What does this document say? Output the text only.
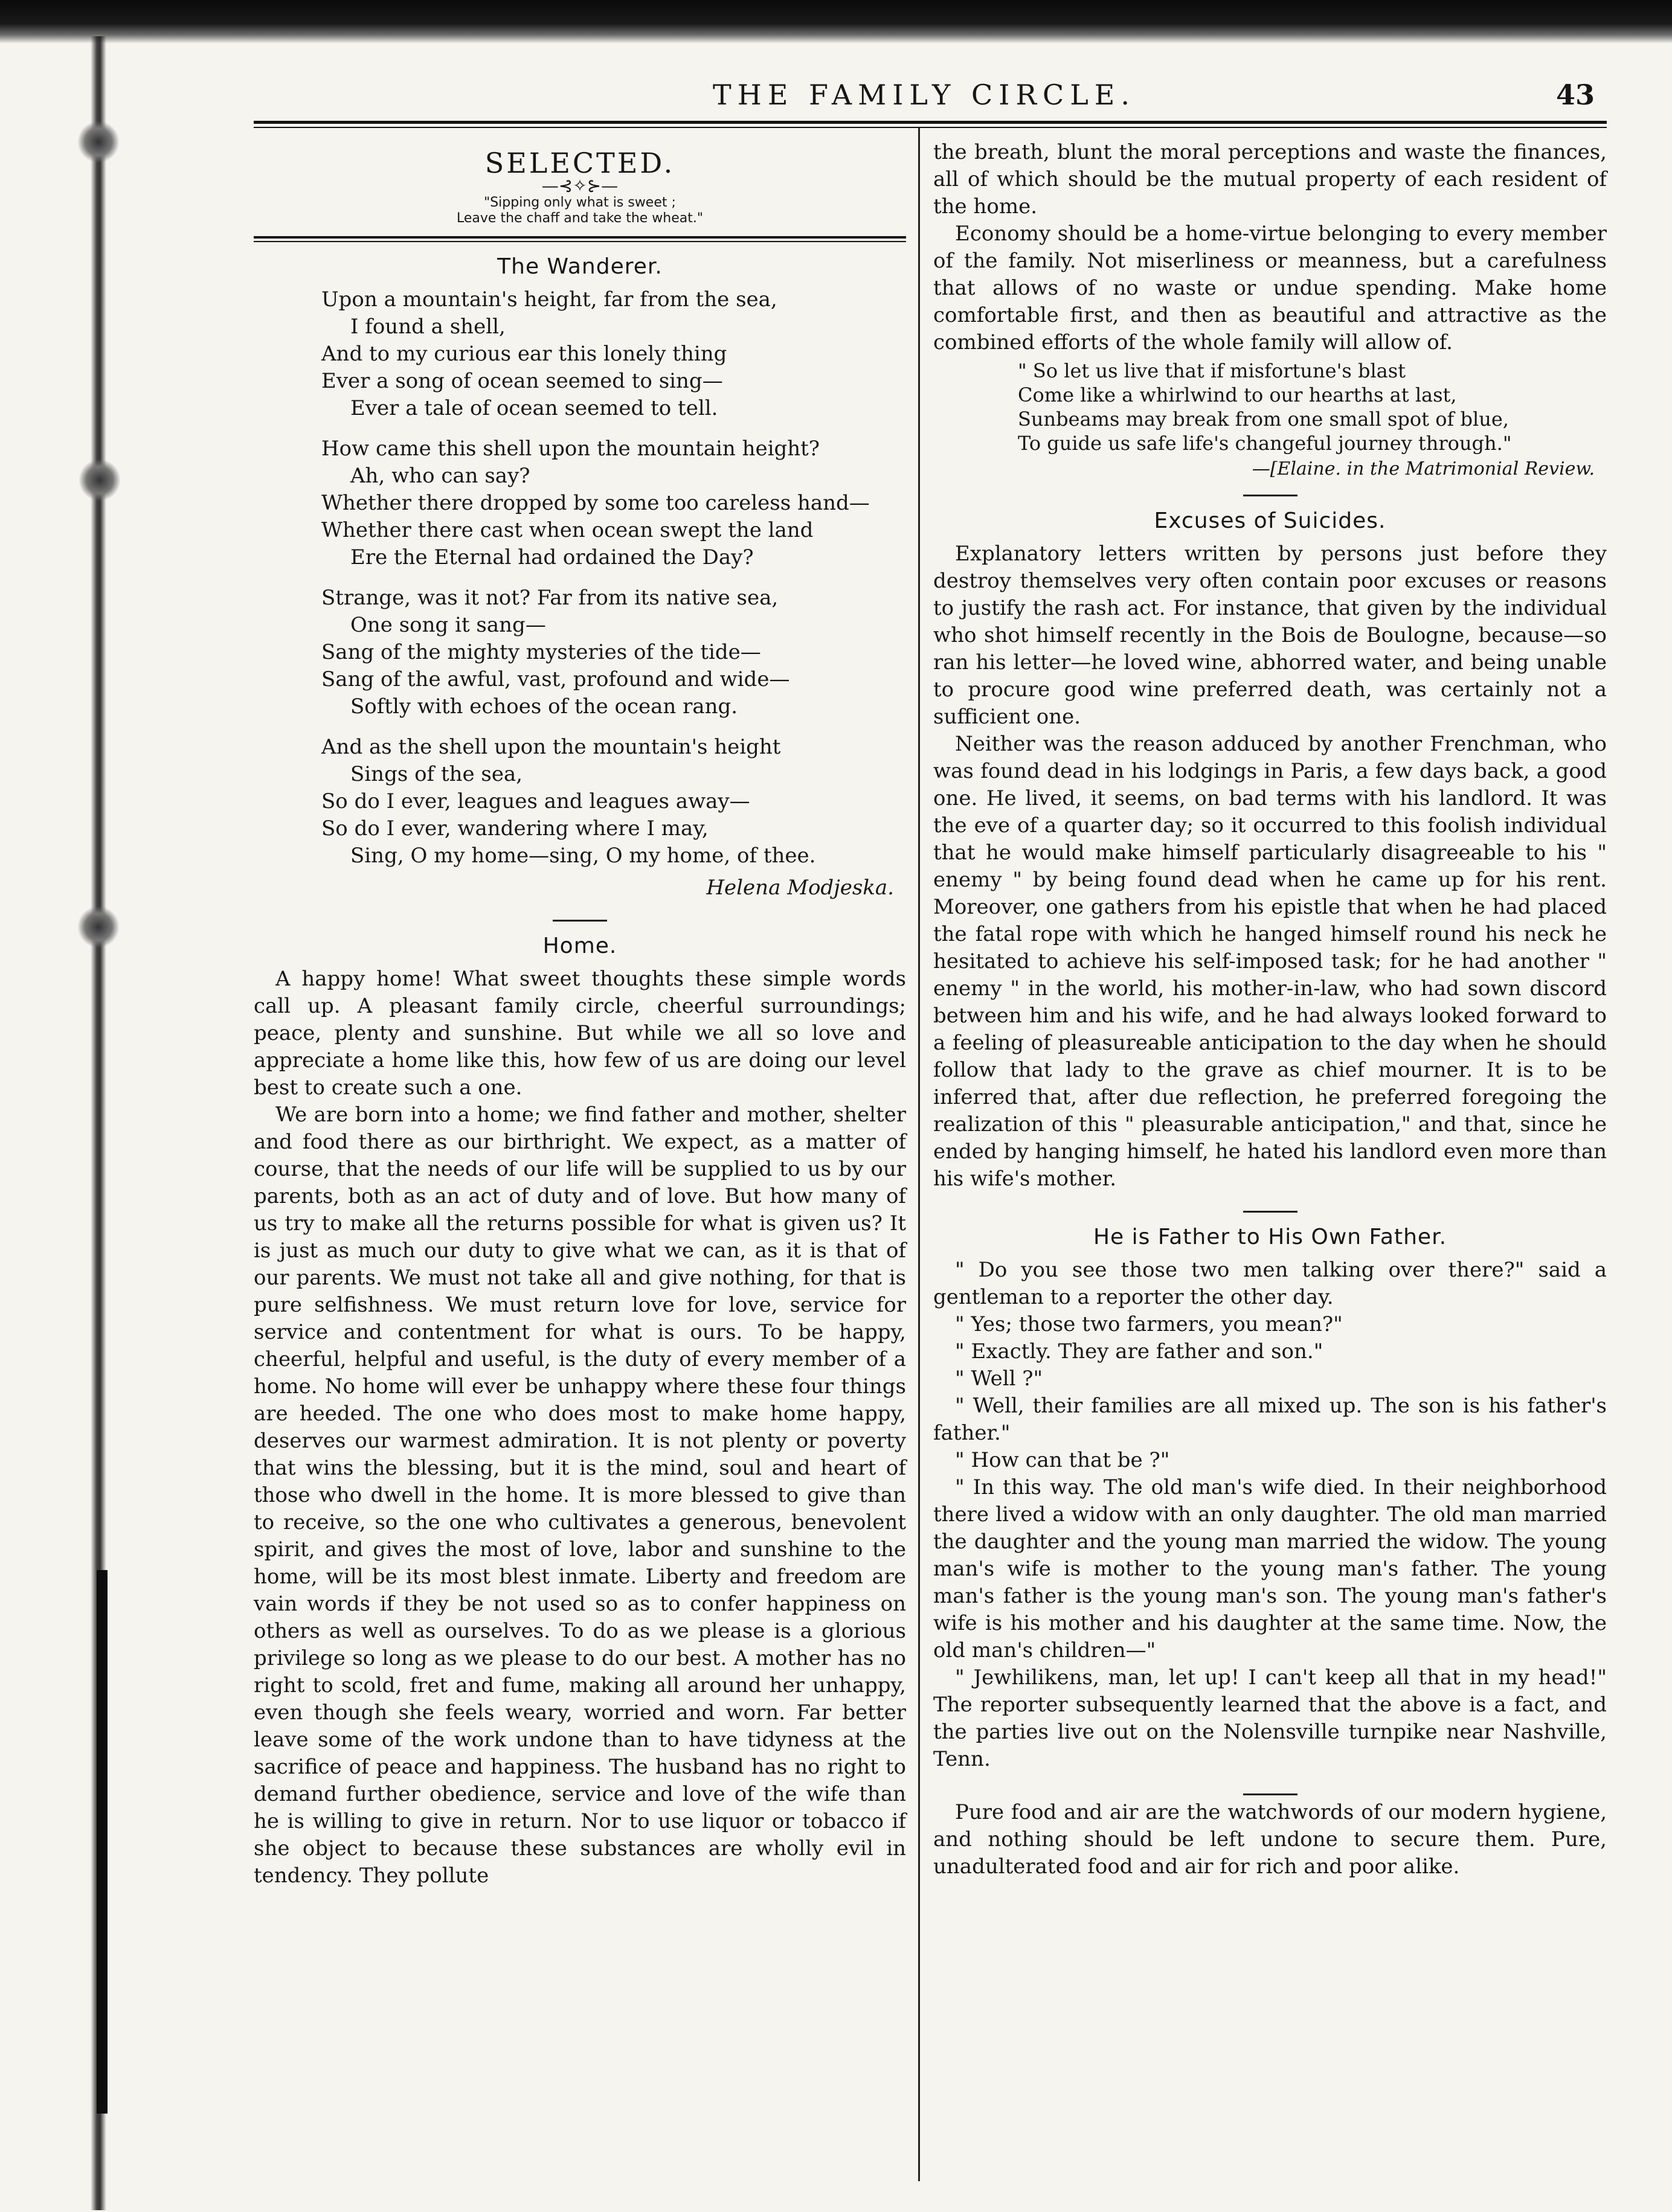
THE FAMILY CIRCLE.	43
SELECTED.
—⊰✧⊱—
"Sipping only what is sweet ;
Leave the chaff and take the wheat."
The Wanderer.
Upon a mountain's height, far from the sea,
I found a shell,
And to my curious ear this lonely thing
Ever a song of ocean seemed to sing—
Ever a tale of ocean seemed to tell.
How came this shell upon the mountain height?
Ah, who can say?
Whether there dropped by some too careless hand—
Whether there cast when ocean swept the land
Ere the Eternal had ordained the Day?
Strange, was it not? Far from its native sea,
One song it sang—
Sang of the mighty mysteries of the tide—
Sang of the awful, vast, profound and wide—
Softly with echoes of the ocean rang.
And as the shell upon the mountain's height
Sings of the sea,
So do I ever, leagues and leagues away—
So do I ever, wandering where I may,
Sing, O my home—sing, O my home, of thee.
Helena Modjeska.
Home.

A happy home! What sweet thoughts these simple words call up. A pleasant family circle, cheerful surroundings; peace, plenty and sunshine. But while we all so love and appreciate a home like this, how few of us are doing our level best to create such a one.

We are born into a home; we find father and mother, shelter and food there as our birthright. We expect, as a matter of course, that the needs of our life will be supplied to us by our parents, both as an act of duty and of love. But how many of us try to make all the returns possible for what is given us? It is just as much our duty to give what we can, as it is that of our parents. We must not take all and give nothing, for that is pure selfishness. We must return love for love, service for service and contentment for what is ours. To be happy, cheerful, helpful and useful, is the duty of every member of a home. No home will ever be unhappy where these four things are heeded. The one who does most to make home happy, deserves our warmest admiration. It is not plenty or poverty that wins the blessing, but it is the mind, soul and heart of those who dwell in the home. It is more blessed to give than to receive, so the one who cultivates a generous, benevolent spirit, and gives the most of love, labor and sunshine to the home, will be its most blest inmate. Liberty and freedom are vain words if they be not used so as to confer happiness on others as well as ourselves. To do as we please is a glorious privilege so long as we please to do our best. A mother has no right to scold, fret and fume, making all around her unhappy, even though she feels weary, worried and worn. Far better leave some of the work undone than to have tidyness at the sacrifice of peace and happiness. The husband has no right to demand further obedience, service and love of the wife than he is willing to give in return. Nor to use liquor or tobacco if she object to because these substances are wholly evil in tendency. They pollute

the breath, blunt the moral perceptions and waste the finances, all of which should be the mutual property of each resident of the home.

Economy should be a home-virtue belonging to every member of the family. Not miserliness or meanness, but a carefulness that allows of no waste or undue spending. Make home comfortable first, and then as beautiful and attractive as the combined efforts of the whole family will allow of.

" So let us live that if misfortune's blast
Come like a whirlwind to our hearths at last,
Sunbeams may break from one small spot of blue,
To guide us safe life's changeful journey through."
—[Elaine. in the Matrimonial Review.
Excuses of Suicides.

Explanatory letters written by persons just before they destroy themselves very often contain poor excuses or reasons to justify the rash act. For instance, that given by the individual who shot himself recently in the Bois de Boulogne, because—so ran his letter—he loved wine, abhorred water, and being unable to procure good wine preferred death, was certainly not a sufficient one.

Neither was the reason adduced by another Frenchman, who was found dead in his lodgings in Paris, a few days back, a good one. He lived, it seems, on bad terms with his landlord. It was the eve of a quarter day; so it occurred to this foolish individual that he would make himself particularly disagreeable to his " enemy " by being found dead when he came up for his rent. Moreover, one gathers from his epistle that when he had placed the fatal rope with which he hanged himself round his neck he hesitated to achieve his self-imposed task; for he had another " enemy " in the world, his mother-in-law, who had sown discord between him and his wife, and he had always looked forward to a feeling of pleasureable anticipation to the day when he should follow that lady to the grave as chief mourner. It is to be inferred that, after due reflection, he preferred foregoing the realization of this " pleasurable anticipation," and that, since he ended by hanging himself, he hated his landlord even more than his wife's mother.

He is Father to His Own Father.

" Do you see those two men talking over there?" said a gentleman to a reporter the other day.

" Yes; those two farmers, you mean?"

" Exactly. They are father and son."

" Well ?"

" Well, their families are all mixed up. The son is his father's father."

" How can that be ?"

" In this way. The old man's wife died. In their neighborhood there lived a widow with an only daughter. The old man married the daughter and the young man married the widow. The young man's wife is mother to the young man's father. The young man's father is the young man's son. The young man's father's wife is his mother and his daughter at the same time. Now, the old man's children—"

" Jewhilikens, man, let up! I can't keep all that in my head!" The reporter subsequently learned that the above is a fact, and the parties live out on the Nolensville turnpike near Nashville, Tenn.

Pure food and air are the watchwords of our modern hygiene, and nothing should be left undone to secure them. Pure, unadulterated food and air for rich and poor alike.
